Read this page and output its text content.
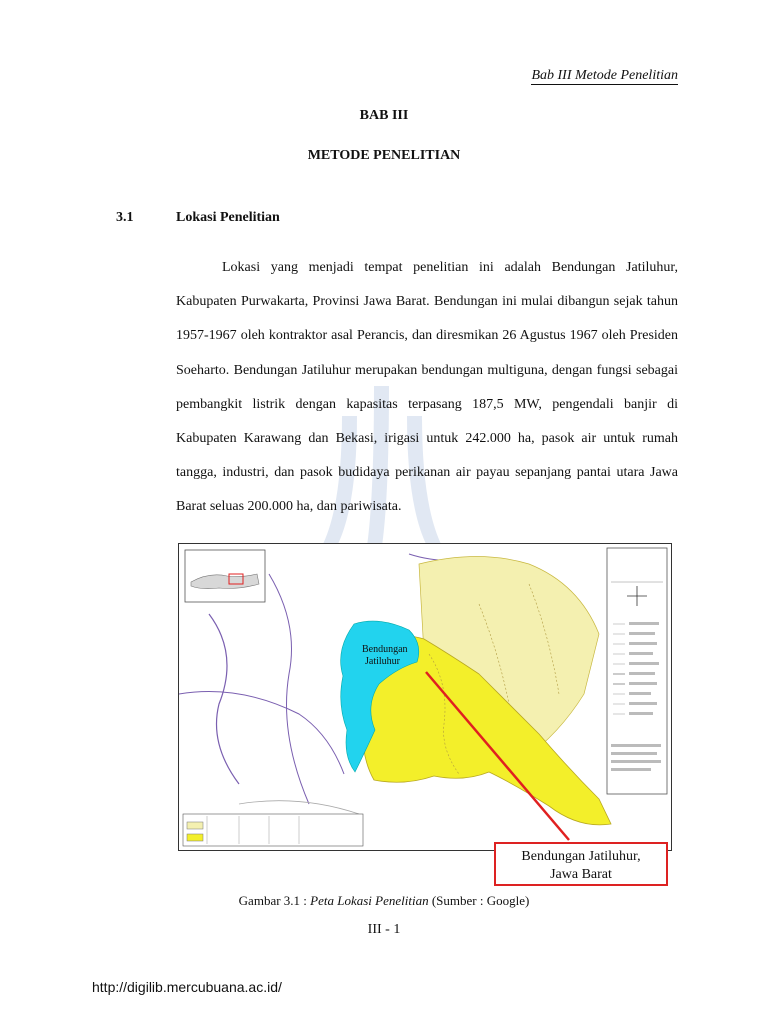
Bab III Metode Penelitian
BAB III
METODE PENELITIAN
3.1	Lokasi Penelitian
Lokasi yang menjadi tempat penelitian ini adalah Bendungan Jatiluhur, Kabupaten Purwakarta, Provinsi Jawa Barat. Bendungan ini mulai dibangun sejak tahun 1957-1967 oleh kontraktor asal Perancis, dan diresmikan 26 Agustus 1967 oleh Presiden Soeharto. Bendungan Jatiluhur merupakan bendungan multiguna, dengan fungsi sebagai pembangkit listrik dengan kapasitas terpasang 187,5 MW, pengendali banjir di Kabupaten Karawang dan Bekasi, irigasi untuk 242.000 ha, pasok air untuk rumah tangga, industri, dan pasok budidaya perikanan air payau sepanjang pantai utara Jawa Barat seluas 200.000 ha, dan pariwisata.
Bendungan
Jatiluhur
Bendungan Jatiluhur,
Jawa Barat
Gambar 3.1 : Peta Lokasi Penelitian (Sumber : Google)
III - 1
http://digilib.mercubuana.ac.id/
